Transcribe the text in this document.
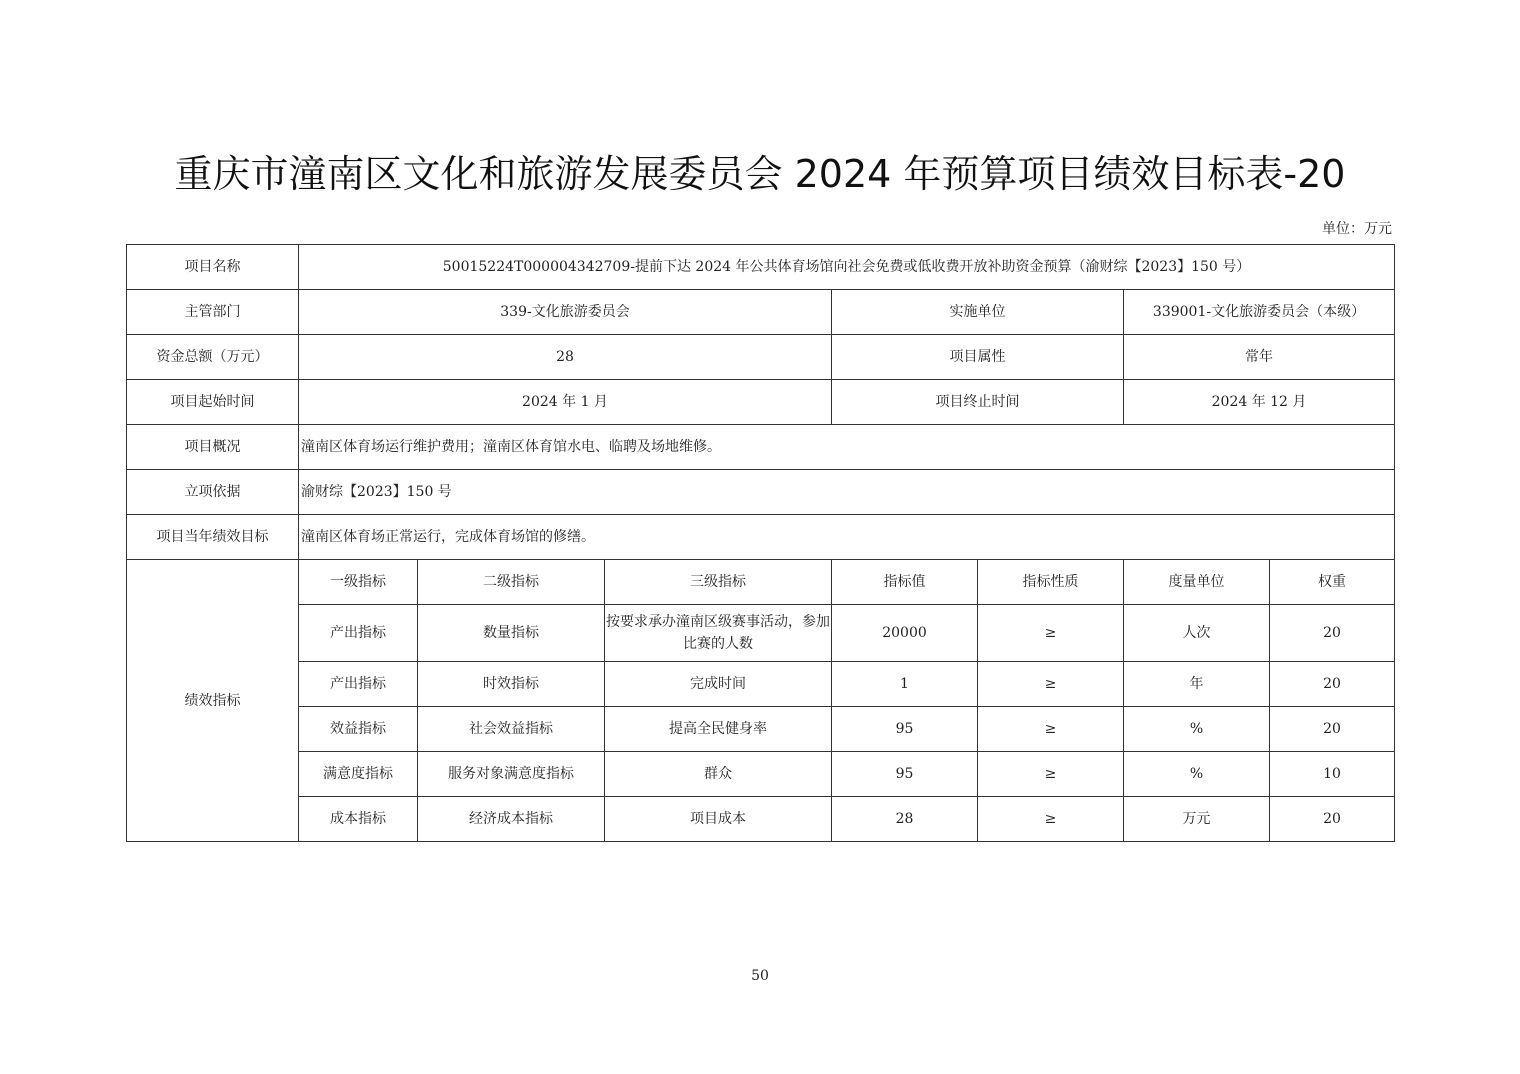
重庆市潼南区文化和旅游发展委员会 2024 年预算项目绩效目标表-20
单位：万元
项目名称	50015224T000004342709-提前下达 2024 年公共体育场馆向社会免费或低收费开放补助资金预算（渝财综【2023】150 号）						
主管部门	339-文化旅游委员会			实施单位		339001-文化旅游委员会（本级）	
资金总额（万元）	28			项目属性		常年	
项目起始时间	2024 年 1 月			项目终止时间		2024 年 12 月	
项目概况	潼南区体育场运行维护费用；潼南区体育馆水电、临聘及场地维修。						
立项依据	渝财综【2023】150 号						
项目当年绩效目标	潼南区体育场正常运行，完成体育场馆的修缮。						
绩效指标	一级指标	二级指标	三级指标	指标值	指标性质	度量单位	权重
	产出指标	数量指标	按要求承办潼南区级赛事活动，参加比赛的人数	20000	≥	人次	20
	产出指标	时效指标	完成时间	1	≥	年	20
	效益指标	社会效益指标	提高全民健身率	95	≥	%	20
	满意度指标	服务对象满意度指标	群众	95	≥	%	10
	成本指标	经济成本指标	项目成本	28	≥	万元	20
50
